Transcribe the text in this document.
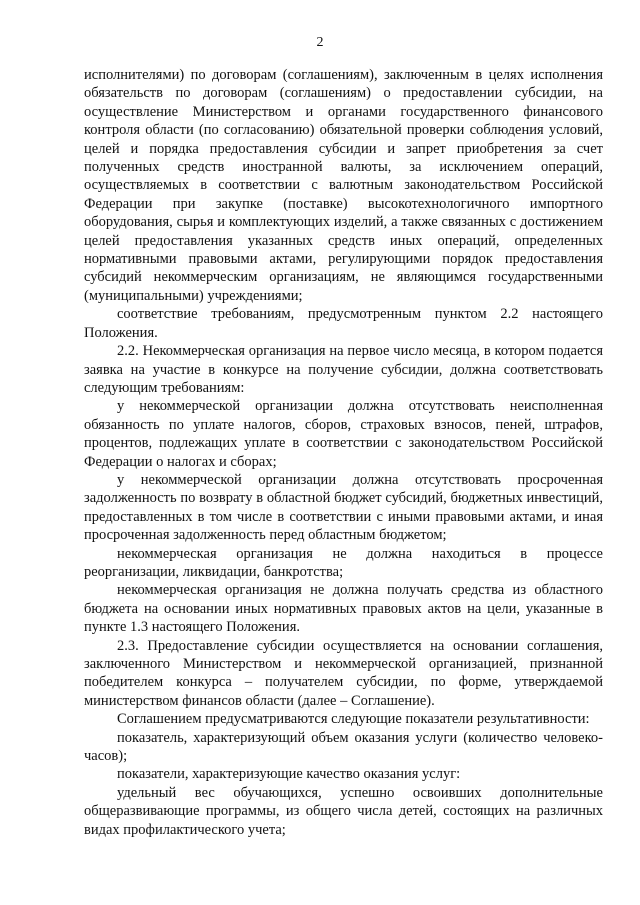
2

исполнителями) по договорам (соглашениям), заключенным в целях исполнения обязательств по договорам (соглашениям) о предоставлении субсидии, на осуществление Министерством и органами государственного финансового контроля области (по согласованию) обязательной проверки соблюдения условий, целей и порядка предоставления субсидии и запрет приобретения за счет полученных средств иностранной валюты, за исключением операций, осуществляемых в соответствии с валютным законодательством Российской Федерации при закупке (поставке) высокотехнологичного импортного оборудования, сырья и комплектующих изделий, а также связанных с достижением целей предоставления указанных средств иных операций, определенных нормативными правовыми актами, регулирующими порядок предоставления субсидий некоммерческим организациям, не являющимся государственными (муниципальными) учреждениями;

соответствие требованиям, предусмотренным пунктом 2.2 настоящего Положения.

2.2. Некоммерческая организация на первое число месяца, в котором подается заявка на участие в конкурсе на получение субсидии, должна соответствовать следующим требованиям:

у некоммерческой организации должна отсутствовать неисполненная обязанность по уплате налогов, сборов, страховых взносов, пеней, штрафов, процентов, подлежащих уплате в соответствии с законодательством Российской Федерации о налогах и сборах;

у некоммерческой организации должна отсутствовать просроченная задолженность по возврату в областной бюджет субсидий, бюджетных инвестиций, предоставленных в том числе в соответствии с иными правовыми актами, и иная просроченная задолженность перед областным бюджетом;

некоммерческая организация не должна находиться в процессе реорганизации, ликвидации, банкротства;

некоммерческая организация не должна получать средства из областного бюджета на основании иных нормативных правовых актов на цели, указанные в пункте 1.3 настоящего Положения.

2.3. Предоставление субсидии осуществляется на основании соглашения, заключенного Министерством и некоммерческой организацией, признанной победителем конкурса – получателем субсидии, по форме, утверждаемой министерством финансов области (далее – Соглашение).

Соглашением предусматриваются следующие показатели результативности:

показатель, характеризующий объем оказания услуги (количество человеко-часов);

показатели, характеризующие качество оказания услуг:

удельный вес обучающихся, успешно освоивших дополнительные общеразвивающие программы, из общего числа детей, состоящих на различных видах профилактического учета;
